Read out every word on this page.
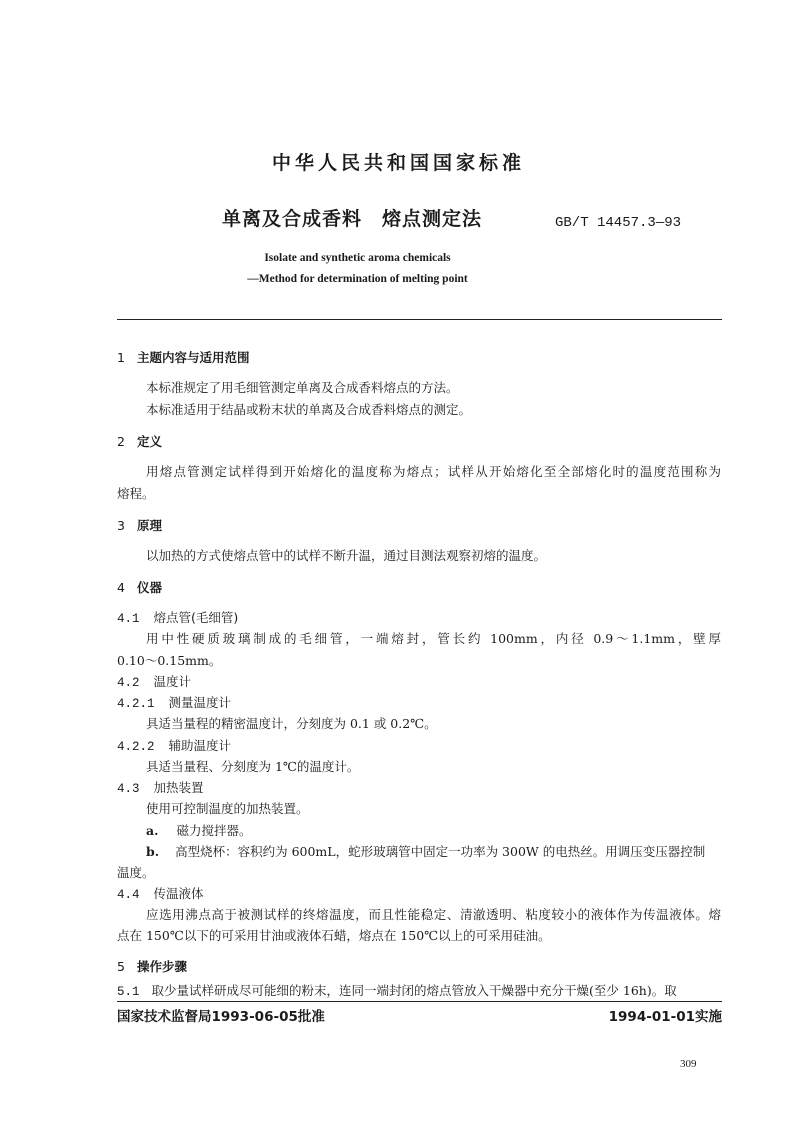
中华人民共和国国家标准
单离及合成香料　熔点测定法	GB/T 14457.3—93
Isolate and synthetic aroma chemicals
—Method for determination of melting point
1 主题内容与适用范围
本标准规定了用毛细管测定单离及合成香料熔点的方法。
本标准适用于结晶或粉末状的单离及合成香料熔点的测定。
2 定义
用熔点管测定试样得到开始熔化的温度称为熔点；试样从开始熔化至全部熔化时的温度范围称为
熔程。
3 原理
以加热的方式使熔点管中的试样不断升温，通过目测法观察初熔的温度。
4 仪器
4.1 熔点管(毛细管)
用中性硬质玻璃制成的毛细管，一端熔封，管长约 100mm，内径 0.9～1.1mm，壁厚
0.10～0.15mm。
4.2 温度计
4.2.1 测量温度计
具适当量程的精密温度计，分刻度为 0.1 或 0.2℃。
4.2.2 辅助温度计
具适当量程、分刻度为 1℃的温度计。
4.3 加热装置
使用可控制温度的加热装置。
a. 磁力搅拌器。
b. 高型烧杯：容积约为 600mL，蛇形玻璃管中固定一功率为 300W 的电热丝。用调压变压器控制
温度。
4.4 传温液体
应选用沸点高于被测试样的终熔温度，而且性能稳定、清澈透明、粘度较小的液体作为传温液体。熔
点在 150℃以下的可采用甘油或液体石蜡，熔点在 150℃以上的可采用硅油。
5 操作步骤
5.1 取少量试样研成尽可能细的粉末，连同一端封闭的熔点管放入干燥器中充分干燥(至少 16h)。取
国家技术监督局1993-06-05批准	1994-01-01实施
309
